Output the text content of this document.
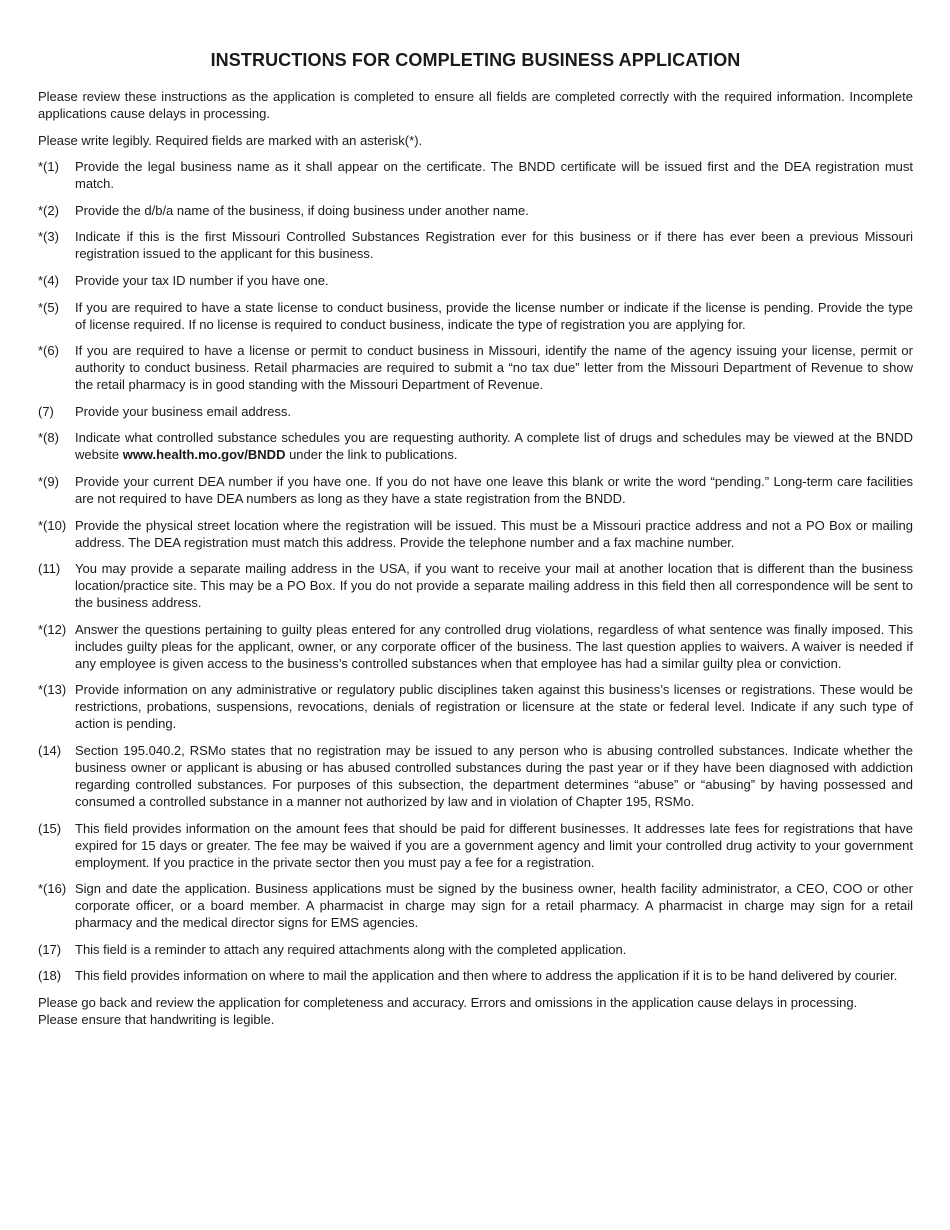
INSTRUCTIONS FOR COMPLETING BUSINESS APPLICATION

Please review these instructions as the application is completed to ensure all fields are completed correctly with the required information. Incomplete applications cause delays in processing.

Please write legibly. Required fields are marked with an asterisk(*).

*(1)	Provide the legal business name as it shall appear on the certificate. The BNDD certificate will be issued first and the DEA registration must match.
*(2)	Provide the d/b/a name of the business, if doing business under another name.
*(3)	Indicate if this is the first Missouri Controlled Substances Registration ever for this business or if there has ever been a previous Missouri registration issued to the applicant for this business.
*(4)	Provide your tax ID number if you have one.
*(5)	If you are required to have a state license to conduct business, provide the license number or indicate if the license is pending. Provide the type of license required. If no license is required to conduct business, indicate the type of registration you are applying for.
*(6)	If you are required to have a license or permit to conduct business in Missouri, identify the name of the agency issuing your license, permit or authority to conduct business. Retail pharmacies are required to submit a “no tax due” letter from the Missouri Department of Revenue to show the retail pharmacy is in good standing with the Missouri Department of Revenue.
(7)	Provide your business email address.
*(8)	Indicate what controlled substance schedules you are requesting authority. A complete list of drugs and schedules may be viewed at the BNDD website www.health.mo.gov/BNDD under the link to publications.
*(9)	Provide your current DEA number if you have one. If you do not have one leave this blank or write the word “pending.” Long-term care facilities are not required to have DEA numbers as long as they have a state registration from the BNDD.
*(10) Provide the physical street location where the registration will be issued. This must be a Missouri practice address and not a PO Box or mailing address. The DEA registration must match this address. Provide the telephone number and a fax machine number.
(11)	You may provide a separate mailing address in the USA, if you want to receive your mail at another location that is different than the business location/practice site. This may be a PO Box. If you do not provide a separate mailing address in this field then all correspondence will be sent to the business address.
*(12) Answer the questions pertaining to guilty pleas entered for any controlled drug violations, regardless of what sentence was finally imposed. This includes guilty pleas for the applicant, owner, or any corporate officer of the business. The last question applies to waivers. A waiver is needed if any employee is given access to the business’s controlled substances when that employee has had a similar guilty plea or conviction.
*(13) Provide information on any administrative or regulatory public disciplines taken against this business’s licenses or registrations. These would be restrictions, probations, suspensions, revocations, denials of registration or licensure at the state or federal level. Indicate if any such type of action is pending.
(14)	Section 195.040.2, RSMo states that no registration may be issued to any person who is abusing controlled substances. Indicate whether the business owner or applicant is abusing or has abused controlled substances during the past year or if they have been diagnosed with addiction regarding controlled substances. For purposes of this subsection, the department determines “abuse” or “abusing” by having possessed and consumed a controlled substance in a manner not authorized by law and in violation of Chapter 195, RSMo.
(15)	This field provides information on the amount fees that should be paid for different businesses. It addresses late fees for registrations that have expired for 15 days or greater. The fee may be waived if you are a government agency and limit your controlled drug activity to your government employment. If you practice in the private sector then you must pay a fee for a registration.
*(16) Sign and date the application. Business applications must be signed by the business owner, health facility administrator, a CEO, COO or other corporate officer, or a board member. A pharmacist in charge may sign for a retail pharmacy. A pharmacist in charge may sign for a retail pharmacy and the medical director signs for EMS agencies.
(17)	This field is a reminder to attach any required attachments along with the completed application.
(18)	This field provides information on where to mail the application and then where to address the application if it is to be hand delivered by courier.

Please go back and review the application for completeness and accuracy. Errors and omissions in the application cause delays in processing.
Please ensure that handwriting is legible.
